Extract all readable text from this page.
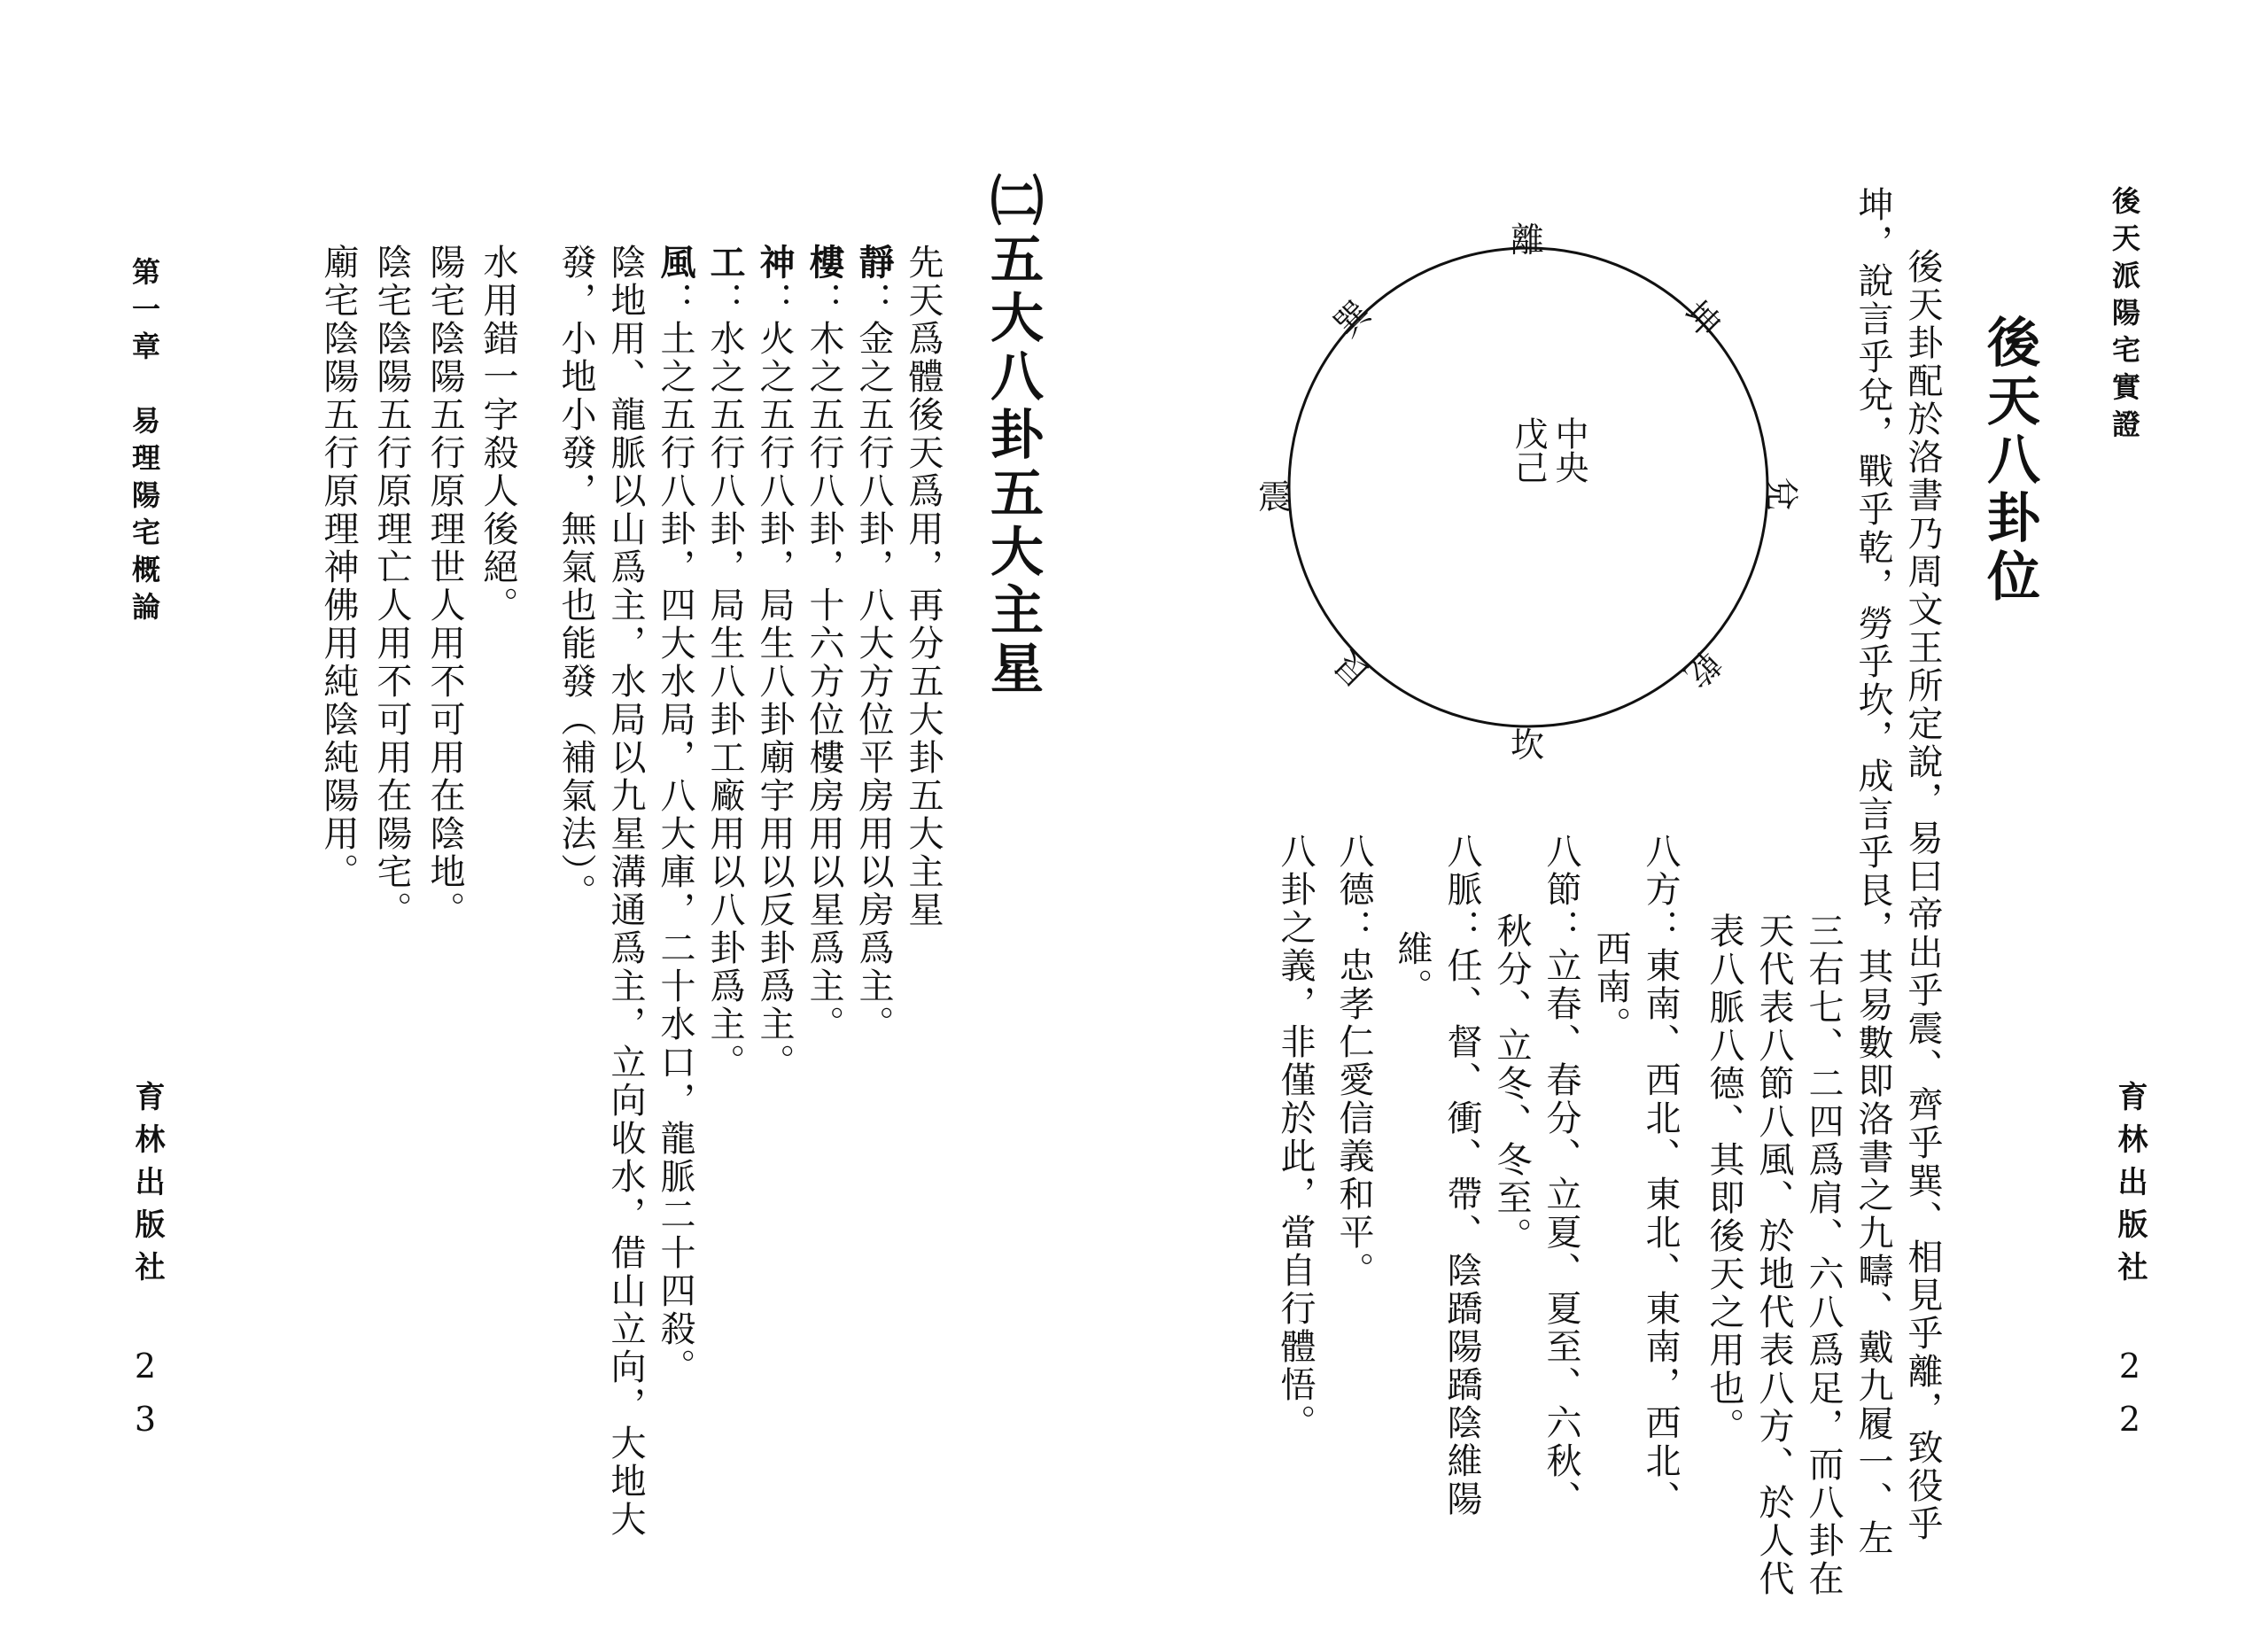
後天派陽宅實證
育林出版社
22
後天八卦位
後天卦配於洛書乃周文王所定說，易曰帝出乎震、齊乎巽、相見乎離，致役乎
坤，說言乎兌，戰乎乾，勞乎坎，成言乎艮，其易數即洛書之九疇、戴九履一、左
三右七、二四爲肩、六八爲足，而八卦在
天代表八節八風、於地代表八方、於人代
表八脈八德、其即後天之用也。
八方：東南、西北、東北、東南，西北、
西南。
八節：立春、春分、立夏、夏至、六秋、
秋分、立冬、冬至。
八脈：任、督、衝、帶、陰蹻陽蹻陰維陽
維。
八德：忠孝仁愛信義和平。
八卦之義，非僅於此，當自行體悟。
中央
戊己
離
坤
兌
乾
坎
艮
震
巽
㈡五大八卦五大主星
先天爲體後天爲用，再分五大卦五大主星
靜：金之五行八卦，八大方位平房用以房爲主。
樓：木之五行八卦，十六方位樓房用以星爲主。
神：火之五行八卦，局生八卦廟宇用以反卦爲主。
工：水之五行八卦，局生八卦工廠用以八卦爲主。
風：土之五行八卦，四大水局，八大庫，二十水口，龍脈二十四殺。
陰地用、龍脈以山爲主，水局以九星溝通爲主，立向收水，借山立向，大地大
發，小地小發，無氣也能發（補氣法）。
水用錯一字殺人後絕。
陽宅陰陽五行原理世人用不可用在陰地。
陰宅陰陽五行原理亡人用不可用在陽宅。
廟宅陰陽五行原理神佛用純陰純陽用。
第一章　易理陽宅概論
育林出版社
23
